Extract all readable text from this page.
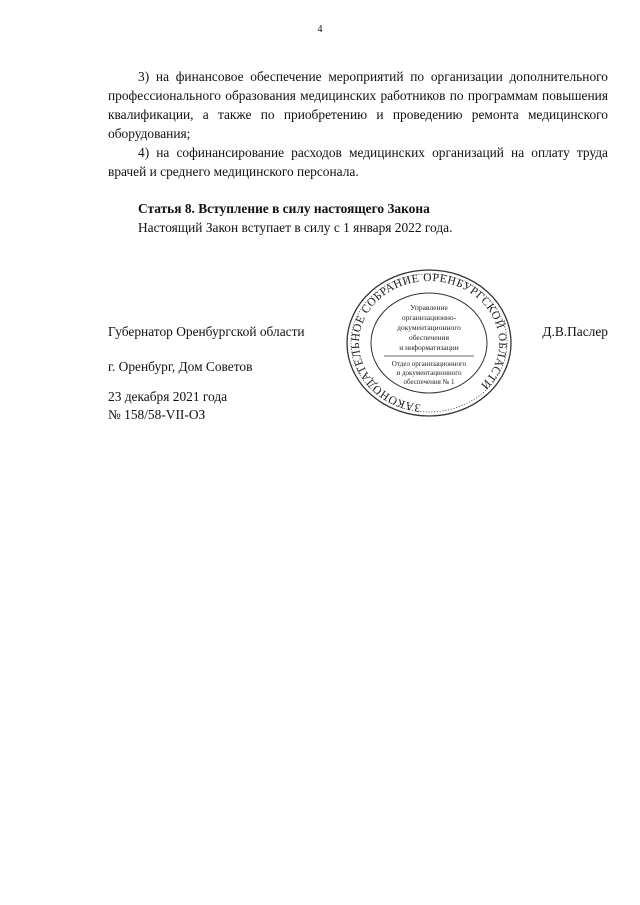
4

3) на финансовое обеспечение мероприятий по организации дополнительного профессионального образования медицинских работников по программам повышения квалификации, а также по приобретению и проведению ремонта медицинского оборудования;

4) на софинансирование расходов медицинских организаций на оплату труда врачей и среднего медицинского персонала.

Статья 8. Вступление в силу настоящего Закона

Настоящий Закон вступает в силу с 1 января 2022 года.

Губернатор Оренбургской области	Д.В.Паслер
г. Оренбург, Дом Советов
23 декабря 2021 года
№ 158/58-VII-ОЗ	ЗАКОНОДАТЕЛЬНОЕ СОБРАНИЕ ОРЕНБУРГСКОЙ ОБЛАСТИ
Управление
организационно-
документационного
обеспечения
и информатизации
Отдел организационного
и документационного
обеспечения № 1
